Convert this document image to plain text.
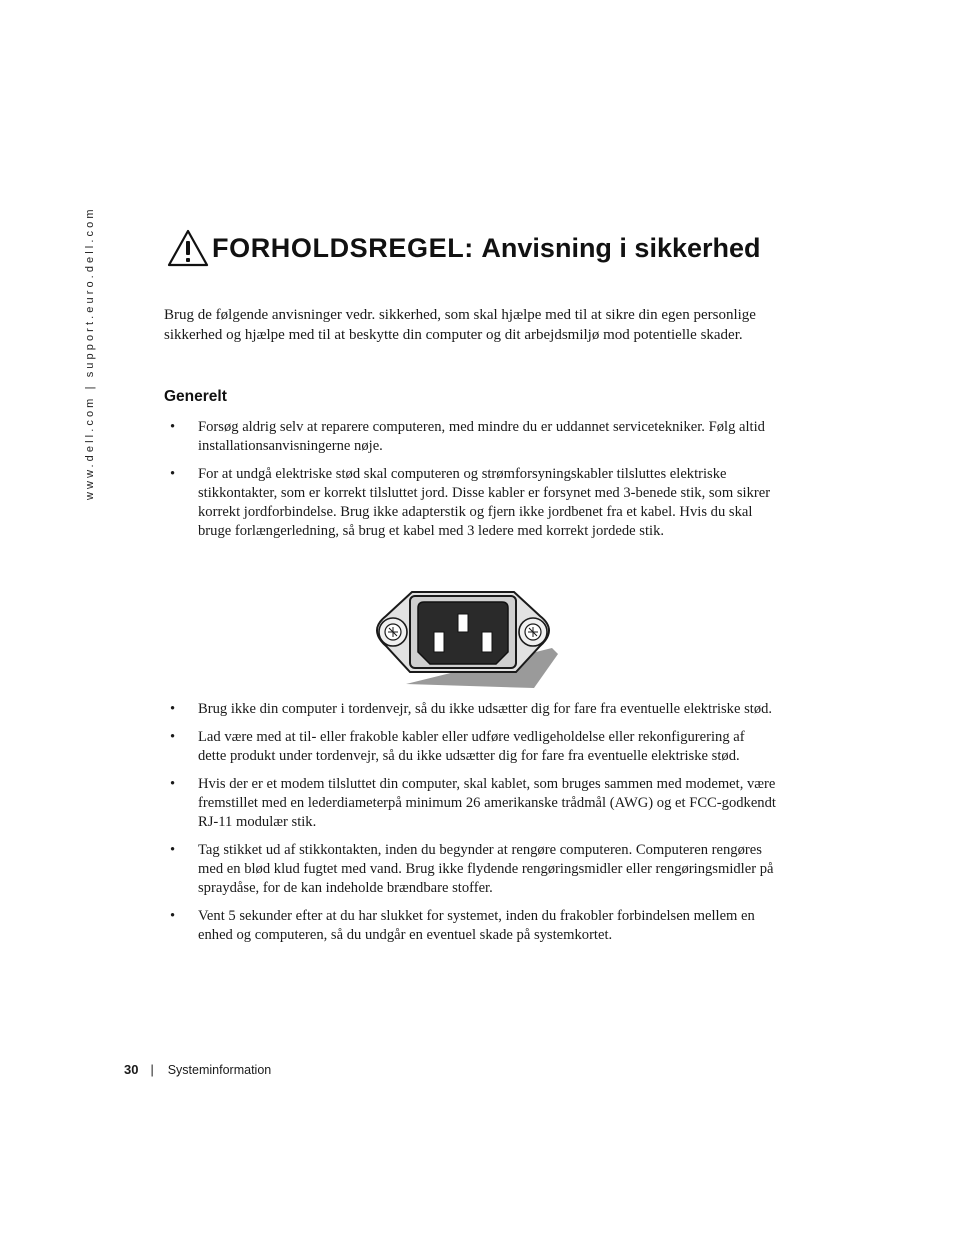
www.dell.com | support.euro.dell.com	FORHOLDSREGEL:
Anvisning i sikkerhed

Brug de følgende anvisninger vedr. sikkerhed, som skal hjælpe med til at sikre din egen personlige sikkerhed og hjælpe med til at beskytte din computer og dit arbejdsmiljø mod potentielle skader.

Generelt
• Forsøg aldrig selv at reparere computeren, med mindre du er uddannet servicetekniker. Følg altid installationsanvisningerne nøje.
• For at undgå elektriske stød skal computeren og strømforsyningskabler tilsluttes elektriske stikkontakter, som er korrekt tilsluttet jord. Disse kabler er forsynet med 3-benede stik, som sikrer korrekt jordforbindelse. Brug ikke adapterstik og fjern ikke jordbenet fra et kabel. Hvis du skal bruge forlængerledning, så brug et kabel med 3 ledere med korrekt jordede stik.
• Brug ikke din computer i tordenvejr, så du ikke udsætter dig for fare fra eventuelle elektriske stød.
• Lad være med at til- eller frakoble kabler eller udføre vedligeholdelse eller rekonfigurering af dette produkt under tordenvejr, så du ikke udsætter dig for fare fra eventuelle elektriske stød.
• Hvis der er et modem tilsluttet din computer, skal kablet, som bruges sammen med modemet, være fremstillet med en lederdiameterpå minimum 26 amerikanske trådmål (AWG) og et FCC-godkendt RJ-11 modulær stik.
• Tag stikket ud af stikkontakten, inden du begynder at rengøre computeren. Computeren rengøres med en blød klud fugtet med vand. Brug ikke flydende rengøringsmidler eller rengøringsmidler på spraydåse, for de kan indeholde brændbare stoffer.
• Vent 5 sekunder efter at du har slukket for systemet, inden du frakobler forbindelsen mellem en enhed og computeren, så du undgår en eventuel skade på systemkortet.
30 | Systeminformation
